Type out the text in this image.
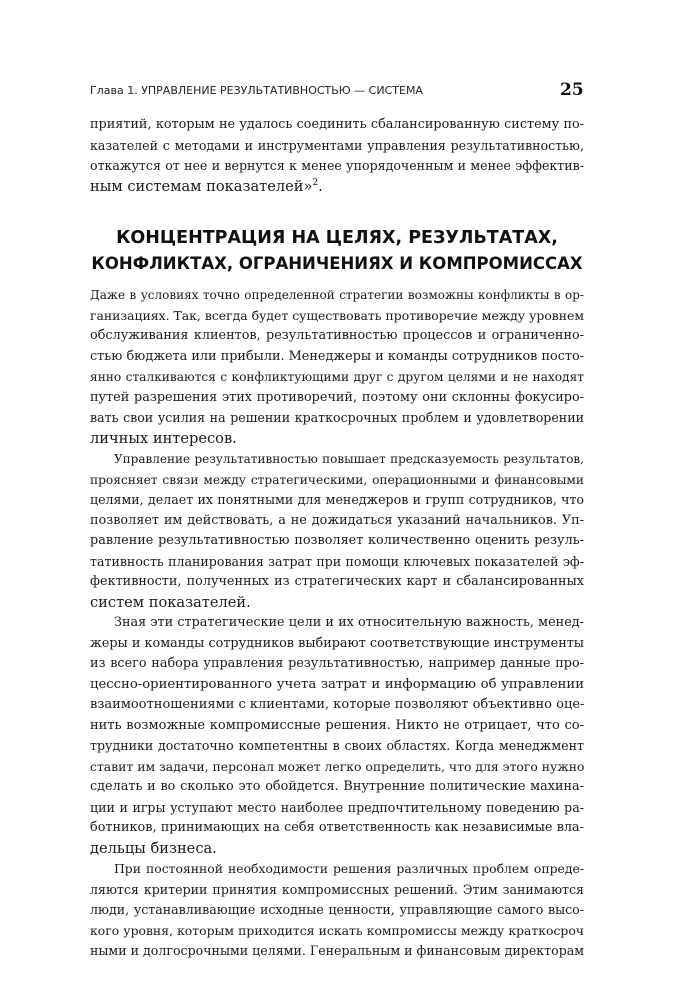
Глава 1. УПРАВЛЕНИЕ РЕЗУЛЬТАТИВНОСТЬЮ — СИСТЕМА	25

приятий, которым не удалось соединить сбалансированную систему по-
казателей с методами и инструментами управления результативностью,
откажутся от нее и вернутся к менее упорядоченным и менее эффектив-
ным системам показателей»$^2$.

КОНЦЕНТРАЦИЯ НА ЦЕЛЯХ, РЕЗУЛЬТАТАХ,
КОНФЛИКТАХ, ОГРАНИЧЕНИЯХ И КОМПРОМИССАХ

Даже в условиях точно определенной стратегии возможны конфликты в ор-
ганизациях. Так, всегда будет существовать противоречие между уровнем
обслуживания клиентов, результативностью процессов и ограниченно-
стью бюджета или прибыли. Менеджеры и команды сотрудников посто-
янно сталкиваются с конфликтующими друг с другом целями и не находят
путей разрешения этих противоречий, поэтому они склонны фокусиро-
вать свои усилия на решении краткосрочных проблем и удовлетворении
личных интересов.

Управление результативностью повышает предсказуемость результатов,
проясняет связи между стратегическими, операционными и финансовыми
целями, делает их понятными для менеджеров и групп сотрудников, что
позволяет им действовать, а не дожидаться указаний начальников. Уп-
равление результативностью позволяет количественно оценить резуль-
тативность планирования затрат при помощи ключевых показателей эф-
фективности, полученных из стратегических карт и сбалансированных
систем показателей.

Зная эти стратегические цели и их относительную важность, менед-
жеры и команды сотрудников выбирают соответствующие инструменты
из всего набора управления результативностью, например данные про-
цессно-ориентированного учета затрат и информацию об управлении
взаимоотношениями с клиентами, которые позволяют объективно оце-
нить возможные компромиссные решения. Никто не отрицает, что со-
трудники достаточно компетентны в своих областях. Когда менеджмент
ставит им задачи, персонал может легко определить, что для этого нужно
сделать и во сколько это обойдется. Внутренние политические махина-
ции и игры уступают место наиболее предпочтительному поведению ра-
ботников, принимающих на себя ответственность как независимые вла-
дельцы бизнеса.

При постоянной необходимости решения различных проблем опреде-
ляются критерии принятия компромиссных решений. Этим занимаются
люди, устанавливающие исходные ценности, управляющие самого высо-
кого уровня, которым приходится искать компромиссы между краткосроч
ными и долгосрочными целями. Генеральным и финансовым директорам
